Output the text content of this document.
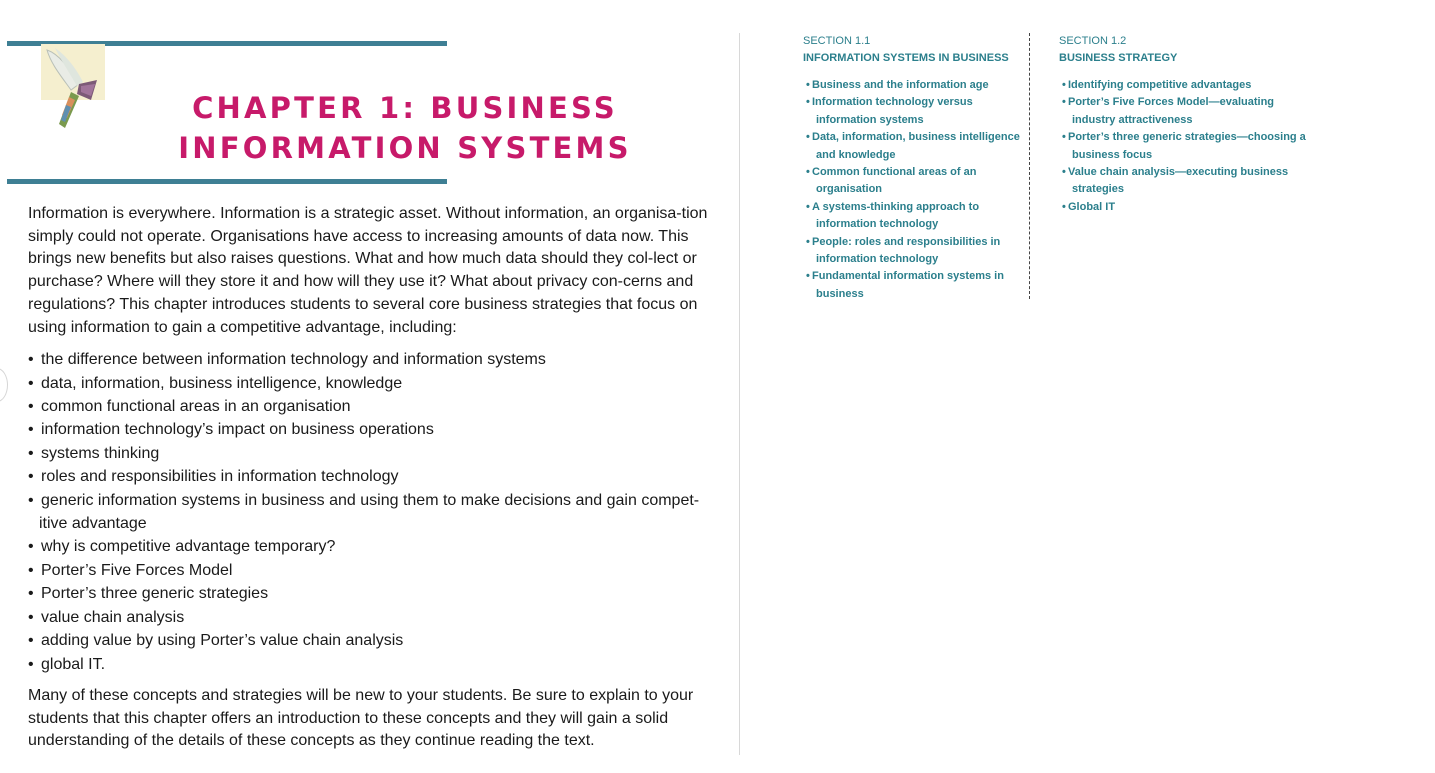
CHAPTER 1: BUSINESS
INFORMATION SYSTEMS

Information is everywhere. Information is a strategic asset. Without information, an organisa-tion simply could not operate. Organisations have access to increasing amounts of data now. This brings new benefits but also raises questions. What and how much data should they col-lect or purchase? Where will they store it and how will they use it? What about privacy con-cerns and regulations? This chapter introduces students to several core business strategies that focus on using information to gain a competitive advantage, including:

• the difference between information technology and information systems
• data, information, business intelligence, knowledge
• common functional areas in an organisation
• information technology’s impact on business operations
• systems thinking
• roles and responsibilities in information technology
• generic information systems in business and using them to make decisions and gain compet-
itive advantage
• why is competitive advantage temporary?
• Porter’s Five Forces Model
• Porter’s three generic strategies
• value chain analysis
• adding value by using Porter’s value chain analysis
• global IT.

Many of these concepts and strategies will be new to your students. Be sure to explain to your students that this chapter offers an introduction to these concepts and they will gain a solid understanding of the details of these concepts as they continue reading the text.

SECTION 1.1

INFORMATION SYSTEMS IN BUSINESS

• Business and the information age
• Information technology versus information systems
• Data, information, business intelligence and knowledge
• Common functional areas of an organisation
• A systems-thinking approach to information technology
• People: roles and responsibilities in information technology
• Fundamental information systems in business

SECTION 1.2

BUSINESS STRATEGY

• Identifying competitive advantages
• Porter’s Five Forces Model—evaluating industry attractiveness
• Porter’s three generic strategies—choosing a business focus
• Value chain analysis—executing business strategies
• Global IT
